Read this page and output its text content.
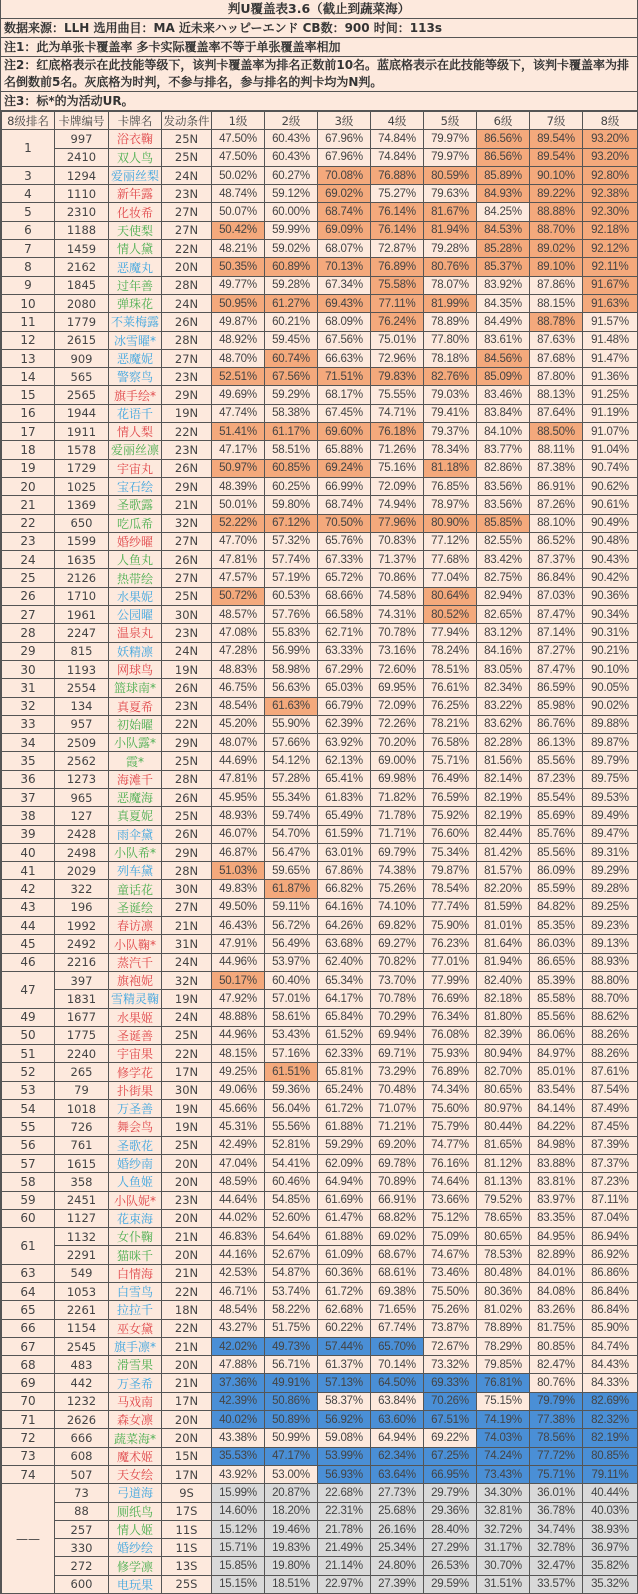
判U覆盖表3.6（截止到蔬菜海）
数据来源：LLH 选用曲目：MA 近未来ハッピーエンド CB数：900 时间：113s
注1：此为单张卡覆盖率 多卡实际覆盖率不等于单张覆盖率相加
注2：红底格表示在此技能等级下，该判卡覆盖率为排名正数前10名。蓝底格表示在此技能等级下，该判卡覆盖率为排名倒数前5名。灰底格为时判，不参与排名，参与排名的判卡均为N判。
注3：标*的为活动UR。
8级排名	卡牌编号	卡牌名	发动条件	1级	2级	3级	4级	5级	6级	7级	8级
1	997	浴衣鞠	25N	47.50%	60.43%	67.96%	74.84%	79.97%	86.56%	89.54%	93.20%
	2410	双人鸟	25N	47.50%	60.43%	67.96%	74.84%	79.97%	86.56%	89.54%	93.20%
3	1294	爱丽丝梨	24N	50.02%	60.27%	70.08%	76.88%	80.59%	85.89%	90.10%	92.80%
4	1110	新年露	23N	48.74%	59.12%	69.02%	75.27%	79.63%	84.93%	89.22%	92.38%
5	2310	化妆希	27N	50.07%	60.00%	68.74%	76.14%	81.67%	84.25%	88.88%	92.30%
6	1188	天使梨	27N	50.42%	59.99%	69.09%	76.14%	81.94%	84.53%	88.70%	92.18%
7	1459	情人黛	22N	48.21%	59.02%	68.07%	72.87%	79.28%	85.28%	89.02%	92.12%
8	2162	恶魔丸	20N	50.35%	60.89%	70.13%	76.89%	80.76%	85.37%	89.10%	92.11%
9	1845	过年善	28N	49.77%	59.28%	67.34%	75.58%	78.07%	83.92%	87.86%	91.67%
10	2080	弹珠花	24N	50.95%	61.27%	69.43%	77.11%	81.99%	84.35%	88.15%	91.63%
11	1779	不莱梅露	26N	49.87%	60.21%	68.09%	76.24%	78.89%	84.49%	88.78%	91.57%
12	2615	冰雪曜*	28N	48.92%	59.45%	67.56%	75.01%	77.80%	83.61%	87.63%	91.48%
13	909	恶魔妮	27N	48.70%	60.74%	66.63%	72.96%	78.18%	84.56%	87.68%	91.47%
14	565	警察鸟	23N	52.51%	67.56%	71.51%	79.83%	82.76%	85.09%	87.80%	91.36%
15	2565	旗手绘*	29N	49.69%	59.29%	68.17%	75.55%	79.03%	83.46%	88.13%	91.25%
16	1944	花语千	19N	47.74%	58.38%	67.45%	74.71%	79.41%	83.84%	87.64%	91.19%
17	1911	情人梨	22N	51.41%	61.17%	69.60%	76.18%	79.37%	84.10%	88.50%	91.07%
18	1578	爱丽丝凛	23N	47.17%	58.51%	65.88%	71.26%	78.34%	83.77%	88.11%	91.04%
19	1729	宇宙丸	26N	50.97%	60.85%	69.24%	75.16%	81.18%	82.86%	87.38%	90.74%
20	1025	宝石绘	29N	48.39%	60.25%	66.99%	72.09%	76.85%	83.56%	86.91%	90.62%
21	1369	圣歌露	21N	50.01%	59.80%	68.74%	74.94%	78.97%	83.56%	87.26%	90.61%
22	650	吃瓜希	32N	52.22%	67.12%	70.50%	77.96%	80.90%	85.85%	88.10%	90.49%
23	1599	婚纱曜	27N	47.70%	57.32%	65.76%	70.83%	77.12%	82.55%	86.52%	90.48%
24	1635	人鱼丸	26N	47.81%	57.74%	67.33%	71.37%	77.68%	83.42%	87.37%	90.43%
25	2126	热带绘	27N	47.57%	57.19%	65.72%	70.86%	77.04%	82.75%	86.84%	90.42%
26	1710	水果妮	25N	50.72%	60.53%	68.66%	74.58%	80.64%	82.94%	87.03%	90.36%
27	1961	公园曜	30N	48.57%	57.76%	66.58%	74.31%	80.52%	82.65%	87.47%	90.34%
28	2247	温泉丸	23N	47.08%	55.83%	62.71%	70.78%	77.94%	83.12%	87.14%	90.31%
29	815	妖精凛	24N	47.28%	56.99%	63.33%	73.16%	78.24%	84.16%	87.27%	90.21%
30	1193	网球鸟	19N	48.83%	58.98%	67.29%	72.60%	78.51%	83.05%	87.47%	90.10%
31	2554	篮球南*	26N	46.75%	56.63%	65.03%	69.95%	76.61%	82.34%	86.59%	90.05%
32	134	真夏希	23N	48.54%	61.63%	66.79%	72.09%	76.25%	83.22%	85.98%	90.02%
33	957	初始曜	22N	45.20%	55.90%	62.39%	72.26%	78.21%	83.62%	86.76%	89.88%
34	2509	小队露*	29N	48.07%	57.66%	63.92%	70.20%	76.58%	82.28%	86.13%	89.87%
35	2562	霞*	25N	44.69%	54.12%	62.13%	69.00%	75.71%	81.56%	85.56%	89.79%
36	1273	海滩千	28N	47.81%	57.28%	65.41%	69.98%	76.49%	82.14%	87.23%	89.75%
37	965	恶魔海	26N	45.95%	55.34%	61.83%	71.82%	76.59%	82.19%	85.54%	89.53%
38	127	真夏妮	25N	48.93%	59.74%	65.49%	71.78%	75.92%	82.19%	85.69%	89.49%
39	2428	雨伞黛	26N	46.07%	54.70%	61.59%	71.71%	76.60%	82.44%	85.76%	89.47%
40	2498	小队希*	29N	46.87%	56.47%	63.01%	69.79%	75.34%	81.42%	85.56%	89.31%
41	2029	列车黛	28N	51.03%	59.65%	67.86%	74.38%	79.87%	81.57%	86.09%	89.29%
42	322	童话花	30N	49.83%	61.87%	66.82%	75.26%	78.54%	82.20%	85.59%	89.28%
43	196	圣诞绘	27N	49.50%	59.11%	64.16%	74.10%	77.74%	81.59%	84.82%	89.25%
44	1992	春访凛	21N	46.43%	56.72%	64.26%	69.82%	75.90%	81.01%	85.35%	89.23%
45	2492	小队鞠*	31N	47.91%	56.49%	63.68%	69.27%	76.23%	81.64%	86.03%	89.13%
46	2216	蒸汽千	24N	44.96%	53.97%	62.40%	70.82%	77.01%	81.94%	86.65%	88.93%
47	397	旗袍妮	32N	50.17%	60.40%	65.34%	73.70%	77.99%	82.40%	85.39%	88.80%
	1831	雪精灵鞠	19N	47.92%	57.01%	64.17%	70.78%	76.69%	82.18%	85.58%	88.70%
49	1677	水果姬	24N	48.88%	58.61%	65.84%	70.29%	76.34%	81.80%	85.56%	88.62%
50	1775	圣诞善	25N	44.96%	53.43%	61.52%	69.94%	76.08%	82.39%	86.06%	88.26%
51	2240	宇宙果	22N	48.15%	57.16%	62.33%	69.71%	75.93%	80.94%	84.97%	88.26%
52	265	修学花	17N	49.25%	61.51%	65.81%	73.29%	76.89%	82.70%	85.01%	87.61%
53	79	扑街果	30N	49.06%	59.36%	65.24%	70.48%	74.34%	80.65%	83.54%	87.54%
54	1018	万圣善	19N	45.66%	56.04%	61.72%	71.07%	75.60%	80.97%	84.14%	87.49%
55	726	舞会鸟	19N	45.31%	55.56%	61.88%	71.21%	75.79%	80.44%	84.22%	87.45%
56	761	圣歌花	25N	42.49%	52.81%	59.29%	69.20%	74.77%	81.65%	84.98%	87.39%
57	1615	婚纱南	20N	47.04%	54.41%	62.09%	69.78%	76.16%	81.12%	83.88%	87.37%
58	358	人鱼姬	20N	48.59%	60.46%	64.94%	70.89%	74.64%	81.13%	83.81%	87.23%
59	2451	小队妮*	23N	44.64%	54.85%	61.69%	66.91%	73.66%	79.52%	83.97%	87.11%
60	1127	花束海	20N	44.02%	52.60%	61.47%	68.82%	75.12%	78.65%	83.35%	87.04%
61	1132	女仆鞠	21N	46.83%	54.64%	61.88%	69.02%	75.09%	80.65%	84.95%	86.94%
	2291	猫咪千	20N	44.16%	52.67%	61.09%	68.67%	74.67%	78.53%	82.89%	86.92%
63	549	白情海	21N	42.53%	54.87%	60.36%	68.61%	73.46%	80.48%	84.01%	86.86%
64	1053	白雪鸟	22N	46.71%	53.74%	61.72%	69.38%	75.50%	80.36%	84.08%	86.84%
65	2261	拉拉千	18N	48.54%	58.22%	62.68%	71.65%	75.26%	81.02%	83.26%	86.84%
66	1154	巫女黛	22N	43.27%	51.75%	60.22%	67.74%	73.87%	78.89%	81.75%	85.90%
67	2545	旗手凛*	21N	42.02%	49.73%	57.44%	65.70%	72.67%	78.29%	80.85%	84.74%
68	483	滑雪果	20N	47.88%	56.71%	61.37%	70.14%	73.32%	79.85%	82.47%	84.43%
69	442	万圣希	21N	37.36%	49.91%	57.13%	64.50%	69.33%	76.81%	80.76%	84.33%
70	1232	马戏南	17N	42.39%	50.86%	58.37%	63.84%	70.26%	75.15%	79.79%	82.69%
71	2626	森女凛	20N	40.02%	50.89%	56.92%	63.60%	67.51%	74.19%	77.38%	82.32%
72	666	蔬菜海*	20N	43.38%	50.99%	59.08%	64.94%	69.22%	74.03%	78.56%	82.19%
73	608	魔术姬	15N	35.53%	47.17%	53.99%	62.34%	67.25%	74.24%	77.72%	80.85%
74	507	天女绘	17N	43.92%	53.00%	56.93%	63.64%	66.95%	73.43%	75.71%	79.11%
——	73	弓道海	9S	15.99%	20.87%	22.68%	27.73%	29.79%	34.30%	36.01%	40.44%
	88	厕纸鸟	17S	14.60%	18.20%	22.31%	25.68%	29.36%	32.81%	36.78%	40.03%
	257	情人姬	11S	15.12%	19.46%	21.78%	26.16%	28.40%	32.72%	34.74%	38.93%
	330	婚纱绘	11S	15.71%	19.83%	21.49%	25.34%	27.29%	31.17%	32.78%	36.97%
	272	修学凛	13S	15.85%	19.80%	21.14%	24.80%	26.53%	30.70%	32.47%	35.82%
	600	电玩果	25S	15.15%	18.51%	22.97%	27.39%	29.59%	31.51%	33.57%	35.32%
